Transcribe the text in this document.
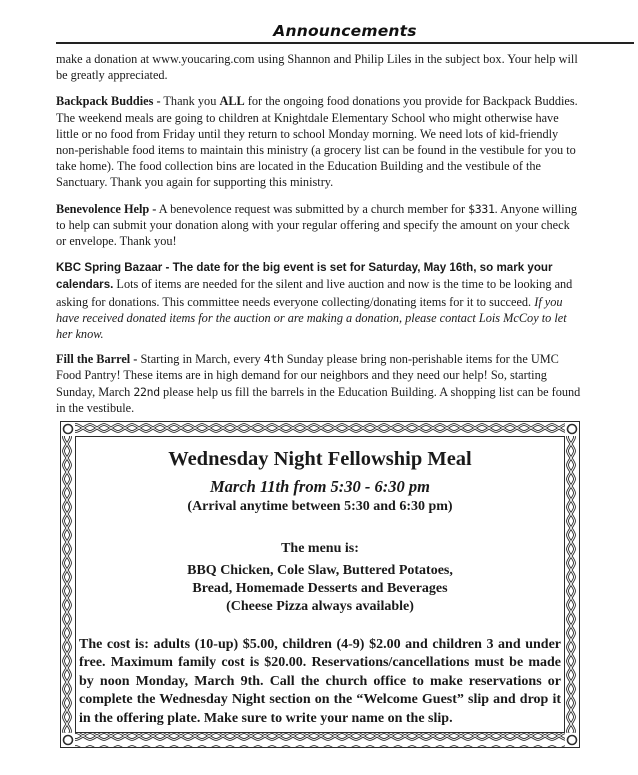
Announcements

make a donation at www.youcaring.com using Shannon and Philip Liles in the subject box. Your help will be greatly appreciated.

Backpack Buddies - Thank you ALL for the ongoing food donations you provide for Backpack Buddies. The weekend meals are going to children at Knightdale Elementary School who might otherwise have little or no food from Friday until they return to school Monday morning. We need lots of kid-friendly non-perishable food items to maintain this ministry (a grocery list can be found in the vestibule for you to take home). The food collection bins are located in the Education Building and the vestibule of the Sanctuary. Thank you again for supporting this ministry.

Benevolence Help - A benevolence request was submitted by a church member for $331. Anyone willing to help can submit your donation along with your regular offering and specify the amount on your check or envelope. Thank you!

KBC Spring Bazaar - The date for the big event is set for Saturday, May 16th, so mark your calendars. Lots of items are needed for the silent and live auction and now is the time to be looking and asking for donations. This committee needs everyone collecting/donating items for it to succeed. If you have received donated items for the auction or are making a donation, please contact Lois McCoy to let her know.

Fill the Barrel - Starting in March, every 4th Sunday please bring non-perishable items for the UMC Food Pantry! These items are in high demand for our neighbors and they need our help! So, starting Sunday, March 22nd please help us fill the barrels in the Education Building. A shopping list can be found in the vestibule.

Wednesday Night Fellowship Meal
March 11th from 5:30 - 6:30 pm
(Arrival anytime between 5:30 and 6:30 pm)
The menu is:
BBQ Chicken, Cole Slaw, Buttered Potatoes,
Bread, Homemade Desserts and Beverages
(Cheese Pizza always available)
The cost is: adults (10-up) $5.00, children (4-9) $2.00 and children 3 and under free. Maximum family cost is $20.00. Reservations/cancellations must be made by noon Monday, March 9th. Call the church office to make reservations or complete the Wednesday Night section on the “Welcome Guest” slip and drop it in the offering plate. Make sure to write your name on the slip.
